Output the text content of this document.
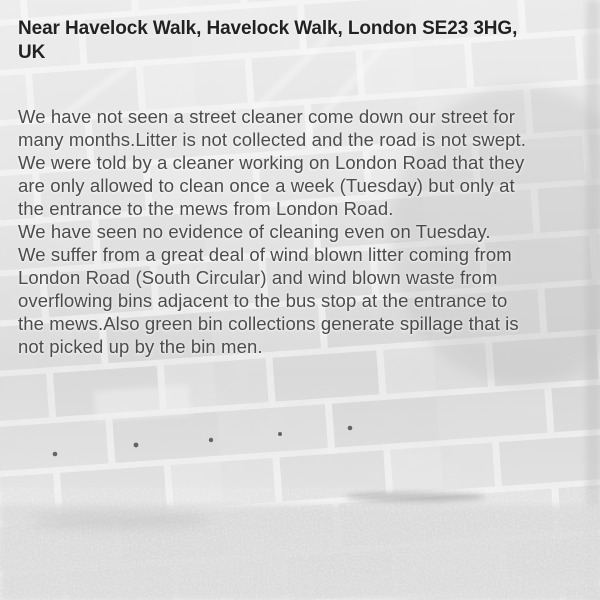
Near Havelock Walk, Havelock Walk, London SE23 3HG,
UK
We have not seen a street cleaner come down our street for
many months.Litter is not collected and the road is not swept.
We were told by a cleaner working on London Road that they
are only allowed to clean once a week (Tuesday) but only at
the entrance to the mews from London Road.
We have seen no evidence of cleaning even on Tuesday.
We suffer from a great deal of wind blown litter coming from
London Road (South Circular) and wind blown waste from
overflowing bins adjacent to the bus stop at the entrance to
the mews.Also green bin collections generate spillage that is
not picked up by the bin men.
